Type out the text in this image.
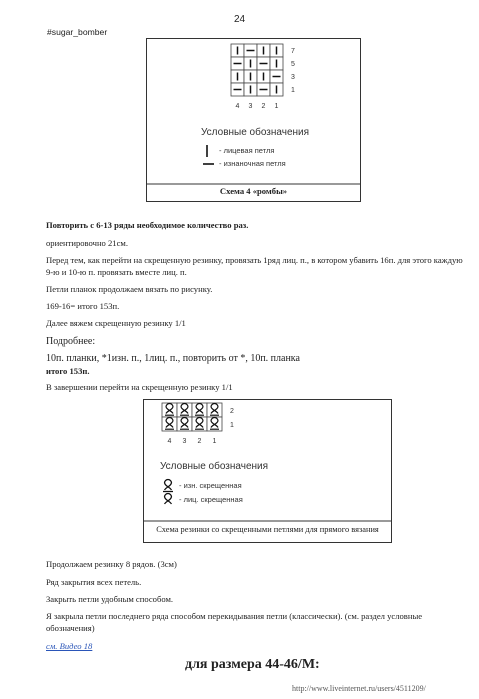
24
#sugar_bomber
7
5
3
1
4 3 2 1
Условные обозначения
- лицевая петля
- изнаночная петля
Схема 4 «ромбы»
Повторить с 6-13 ряды необходимое количество раз.
ориентировочно 21см.
Перед тем, как перейти на скрещенную резинку, провязать 1ряд лиц. п., в котором убавить 16п. для этого каждую 9-ю и 10-ю п. провязать вместе лиц. п.
Петли планок продолжаем вязать по рисунку.
169-16= итого 153п.
Далее вяжем скрещенную резинку 1/1
Подробнее:
10п. планки, *1изн. п., 1лиц. п., повторить от *, 10п. планка
итого 153п.
В завершении перейти на скрещенную резинку 1/1
2
1
4 3 2 1
Условные обозначения
- изн. скрещенная
- лиц. скрещенная
Схема резинки со скрещенными петлями для прямого вязания
Продолжаем резинку 8 рядов. (3см)
Ряд закрытия всех петель.
Закрыть петли удобным способом.
Я закрыла петли последнего ряда способом перекидывания петли (классически). (см. раздел условные обозначения)
см. Видео 18
для размера 44-46/М:
http://www.liveinternet.ru/users/4511209/
